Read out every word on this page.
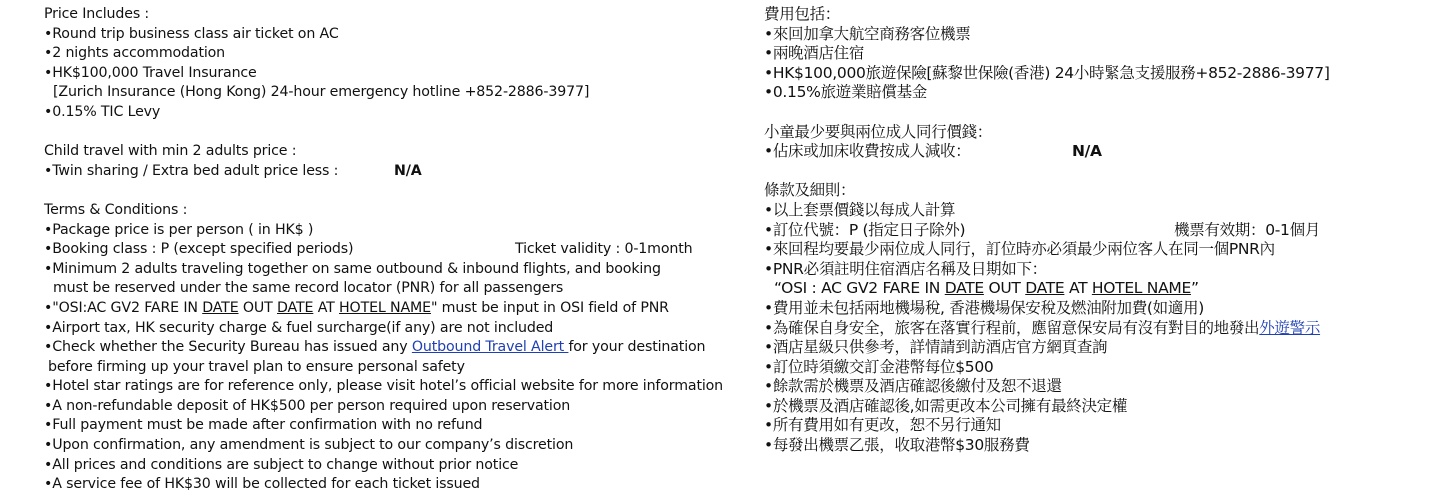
Price Includes :
•Round trip business class air ticket on AC
•2 nights accommodation
•HK$100,000 Travel Insurance
[Zurich Insurance (Hong Kong) 24-hour emergency hotline +852-2886-3977]
•0.15% TIC Levy
Child travel with min 2 adults price :
•Twin sharing / Extra bed adult price less :	N/A
Terms & Conditions :
•Package price is per person ( in HK$ )
•Booking class : P (except specified periods)	Ticket validity : 0-1month
•Minimum 2 adults traveling together on same outbound & inbound flights, and booking
must be reserved under the same record locator (PNR) for all passengers
•"OSI:AC GV2 FARE IN DATE OUT DATE AT HOTEL NAME" must be input in OSI field of PNR
•Airport tax, HK security charge & fuel surcharge(if any) are not included
•Check whether the Security Bureau has issued any Outbound Travel Alert for your destination
before firming up your travel plan to ensure personal safety
•Hotel star ratings are for reference only, please visit hotel’s official website for more information
•A non-refundable deposit of HK$500 per person required upon reservation
•Full payment must be made after confirmation with no refund
•Upon confirmation, any amendment is subject to our company’s discretion
•All prices and conditions are subject to change without prior notice
•A service fee of HK$30 will be collected for each ticket issued
費用包括：
•來回加拿大航空商務客位機票
•兩晚酒店住宿
•HK$100,000旅遊保險[蘇黎世保險(香港) 24小時緊急支援服務+852-2886-3977]
•0.15%旅遊業賠償基金
小童最少要與兩位成人同行價錢：
•佔床或加床收費按成人減收：	N/A
條款及細則：
•以上套票價錢以每成人計算
•訂位代號：P (指定日子除外)	機票有效期：0-1個月
•來回程均要最少兩位成人同行，訂位時亦必須最少兩位客人在同一個PNR內
•PNR必須註明住宿酒店名稱及日期如下：
“OSI : AC GV2 FARE IN DATE OUT DATE AT HOTEL NAME”
•費用並未包括兩地機場稅, 香港機場保安稅及燃油附加費(如適用)
•為確保自身安全，旅客在落實行程前，應留意保安局有沒有對目的地發出外遊警示
•酒店星級只供參考，詳情請到訪酒店官方網頁查詢
•訂位時須繳交訂金港幣每位$500
•餘款需於機票及酒店確認後繳付及恕不退還
•於機票及酒店確認後,如需更改本公司擁有最終決定權
•所有費用如有更改，恕不另行通知
•每發出機票乙張，收取港幣$30服務費
